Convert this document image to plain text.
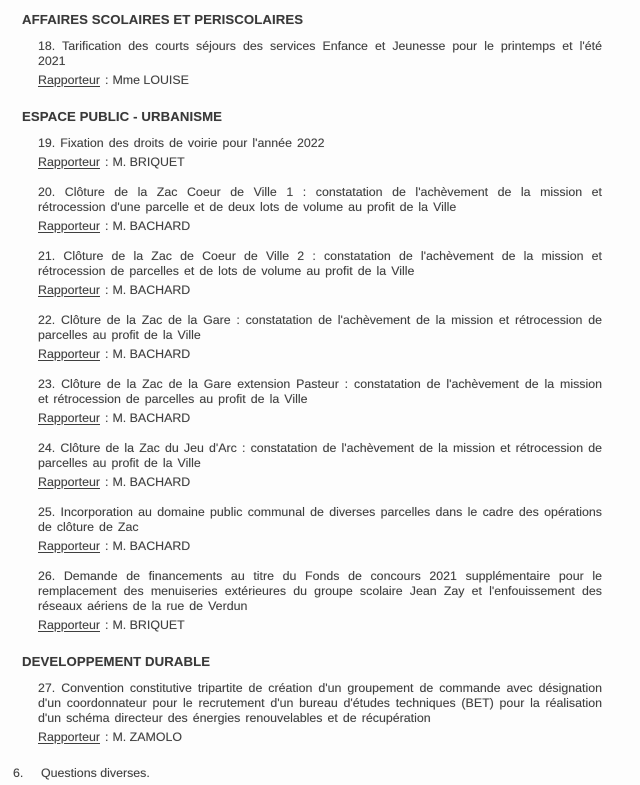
AFFAIRES SCOLAIRES ET PERISCOLAIRES

18. Tarification des courts séjours des services Enfance et Jeunesse pour le printemps et l'été 2021

Rapporteur : Mme LOUISE

ESPACE PUBLIC - URBANISME

19. Fixation des droits de voirie pour l'année 2022

Rapporteur : M. BRIQUET

20. Clôture de la Zac Coeur de Ville 1 : constatation de l'achèvement de la mission et rétrocession d'une parcelle et de deux lots de volume au profit de la Ville

Rapporteur : M. BACHARD

21. Clôture de la Zac de Coeur de Ville 2 : constatation de l'achèvement de la mission et rétrocession de parcelles et de lots de volume au profit de la Ville

Rapporteur : M. BACHARD

22. Clôture de la Zac de la Gare : constatation de l'achèvement de la mission et rétrocession de parcelles au profit de la Ville

Rapporteur : M. BACHARD

23. Clôture de la Zac de la Gare extension Pasteur : constatation de l'achèvement de la mission et rétrocession de parcelles au profit de la Ville

Rapporteur : M. BACHARD

24. Clôture de la Zac du Jeu d'Arc : constatation de l'achèvement de la mission et rétrocession de parcelles au profit de la Ville

Rapporteur : M. BACHARD

25. Incorporation au domaine public communal de diverses parcelles dans le cadre des opérations de clôture de Zac

Rapporteur : M. BACHARD

26. Demande de financements au titre du Fonds de concours 2021 supplémentaire pour le remplacement des menuiseries extérieures du groupe scolaire Jean Zay et l'enfouissement des réseaux aériens de la rue de Verdun

Rapporteur : M. BRIQUET

DEVELOPPEMENT DURABLE

27. Convention constitutive tripartite de création d'un groupement de commande avec désignation d'un coordonnateur pour le recrutement d'un bureau d'études techniques (BET) pour la réalisation d'un schéma directeur des énergies renouvelables et de récupération

Rapporteur : M. ZAMOLO

6.	Questions diverses.
